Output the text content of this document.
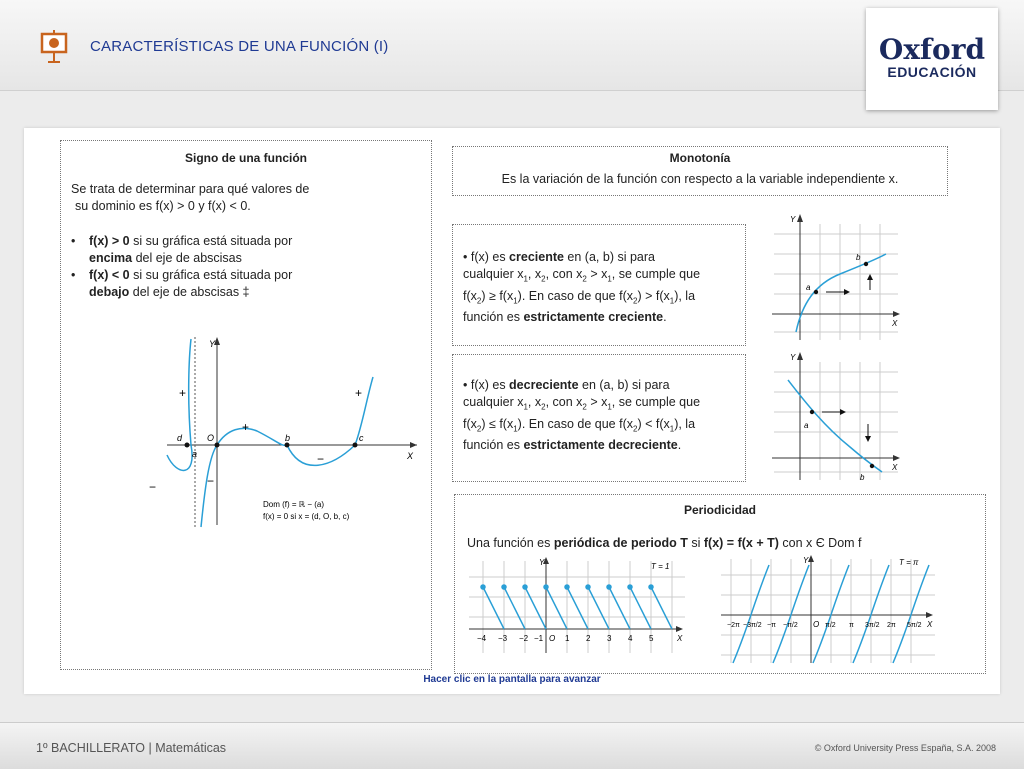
CARACTERÍSTICAS DE UNA FUNCIÓN (I)	Oxford
EDUCACIÓN
Signo de una función
Se trata de determinar para qué valores de
su dominio es f(x) > 0 y f(x) < 0.
• f(x) > 0 si su gráfica está situada por
encima del eje de abscisas
• f(x) < 0 si su gráfica está situada por
debajo del eje de abscisas ‡
Y
X
d	O
a
b	c
+
+
+
−	−
−
Dom (f) = ℝ − (a)
f(x) = 0 si x = (d, O, b, c)
Monotonía
Es la variación de la función con respecto a la variable independiente x.
• f(x) es creciente en (a, b) si para
cualquier $x_1$, $x_2$, con $x_2 > x_1$, se cumple que
$f(x_2) \ge f(x_1)$. En caso de que $f(x_2) > f(x_1)$, la
función es estrictamente creciente.
Y
X
a
b
• f(x) es decreciente en (a, b) si para
cualquier $x_1$, $x_2$, con $x_2 > x_1$, se cumple que
$f(x_2) \le f(x_1)$. En caso de que $f(x_2) < f(x_1)$, la
función es estrictamente decreciente.
Y
X
a
b
Periodicidad
Una función es periódica de periodo T si f(x) = f(x + T) con x Є Dom f
T = 1
Y
X
O
−4 −3 −2 −1	1 2 3 4 5
T = π
Y
X
O
−2π −3π/2 −π −π/2	π/2 π 3π/2 2π 5π/2
Hacer clic en la pantalla para avanzar
1º BACHILLERATO | Matemáticas	© Oxford University Press España, S.A. 2008
